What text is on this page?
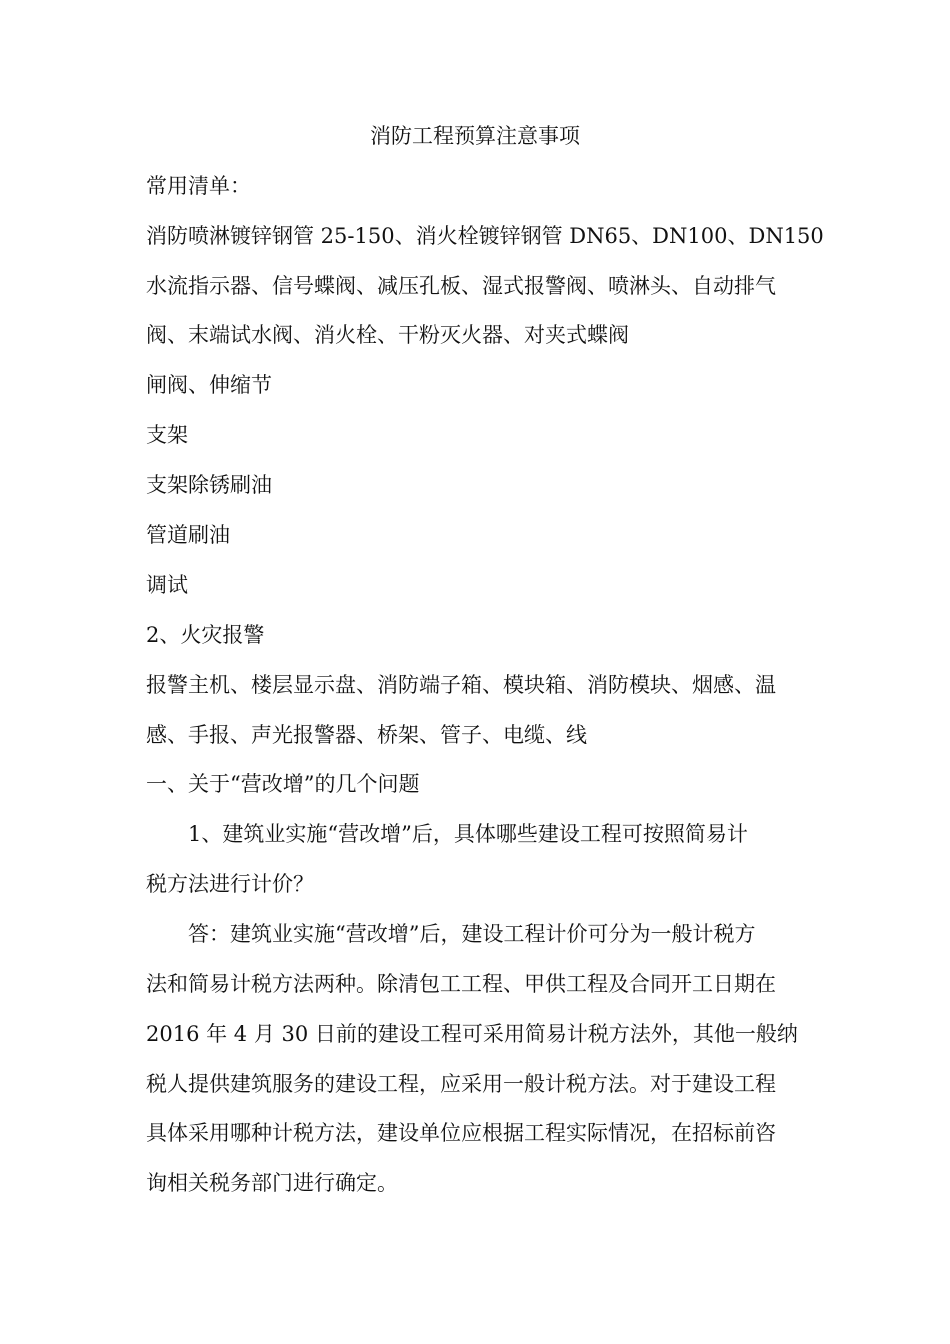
消防工程预算注意事项
常用清单：
消防喷淋镀锌钢管 25-150、消火栓镀锌钢管 DN65、DN100、DN150
水流指示器、信号蝶阀、减压孔板、湿式报警阀、喷淋头、自动排气
阀、末端试水阀、消火栓、干粉灭火器、对夹式蝶阀
闸阀、伸缩节
支架
支架除锈刷油
管道刷油
调试
2、火灾报警
报警主机、楼层显示盘、消防端子箱、模块箱、消防模块、烟感、温
感、手报、声光报警器、桥架、管子、电缆、线
一、关于“营改增”的几个问题
1、建筑业实施“营改增”后，具体哪些建设工程可按照简易计
税方法进行计价？
答：建筑业实施“营改增”后，建设工程计价可分为一般计税方
法和简易计税方法两种。除清包工工程、甲供工程及合同开工日期在
2016 年 4 月 30 日前的建设工程可采用简易计税方法外，其他一般纳
税人提供建筑服务的建设工程，应采用一般计税方法。对于建设工程
具体采用哪种计税方法，建设单位应根据工程实际情况，在招标前咨
询相关税务部门进行确定。
